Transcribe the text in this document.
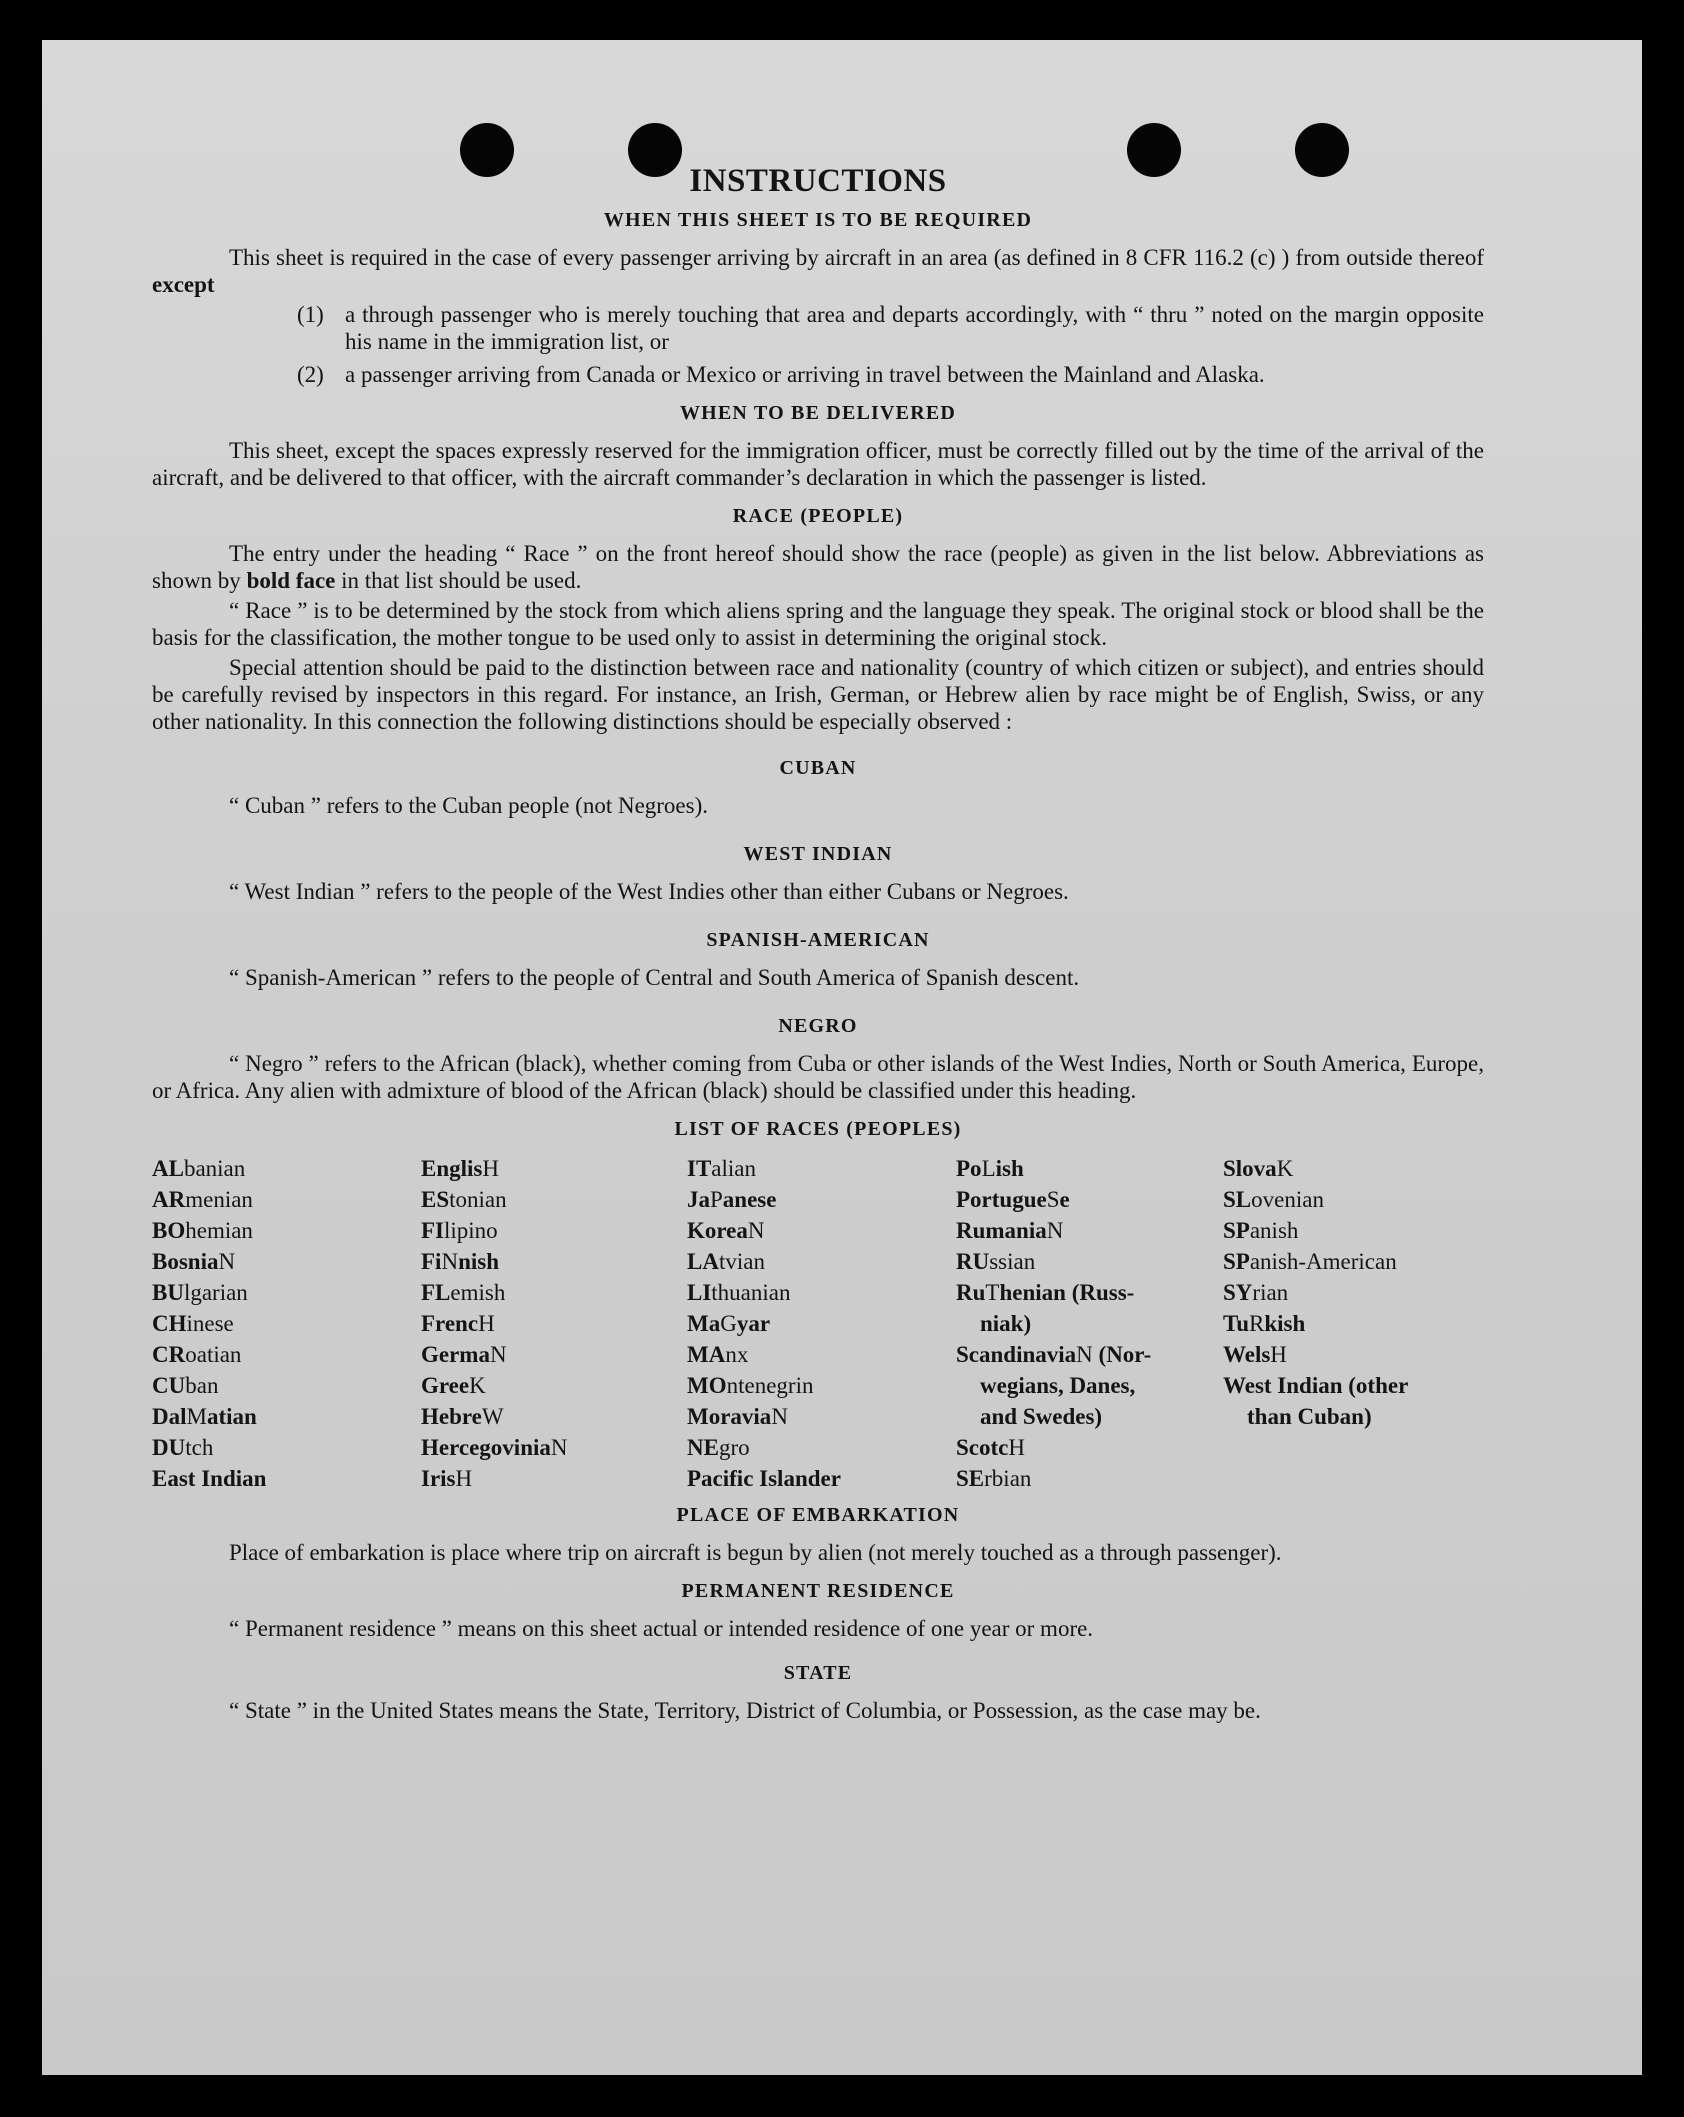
INSTRUCTIONS
WHEN THIS SHEET IS TO BE REQUIRED

This sheet is required in the case of every passenger arriving by aircraft in an area (as defined in 8 CFR 116.2 (c) ) from outside thereof except

(1) a through passenger who is merely touching that area and departs accordingly, with “ thru ” noted on the margin opposite his name in the immigration list, or
(2) a passenger arriving from Canada or Mexico or arriving in travel between the Mainland and Alaska.
WHEN TO BE DELIVERED

This sheet, except the spaces expressly reserved for the immigration officer, must be correctly filled out by the time of the arrival of the aircraft, and be delivered to that officer, with the aircraft commander’s declaration in which the passenger is listed.

RACE (PEOPLE)

The entry under the heading “ Race ” on the front hereof should show the race (people) as given in the list below. Abbreviations as shown by bold face in that list should be used.

“ Race ” is to be determined by the stock from which aliens spring and the language they speak. The original stock or blood shall be the basis for the classification, the mother tongue to be used only to assist in determining the original stock.

Special attention should be paid to the distinction between race and nationality (country of which citizen or subject), and entries should be carefully revised by inspectors in this regard. For instance, an Irish, German, or Hebrew alien by race might be of English, Swiss, or any other nationality. In this connection the following distinctions should be especially observed :

CUBAN

“ Cuban ” refers to the Cuban people (not Negroes).

WEST INDIAN

“ West Indian ” refers to the people of the West Indies other than either Cubans or Negroes.

SPANISH-AMERICAN

“ Spanish-American ” refers to the people of Central and South America of Spanish descent.

NEGRO

“ Negro ” refers to the African (black), whether coming from Cuba or other islands of the West Indies, North or South America, Europe, or Africa. Any alien with admixture of blood of the African (black) should be classified under this heading.

LIST OF RACES (PEOPLES)
ALbanian
ARmenian
BOhemian
BosniaN
BUlgarian
CHinese
CRoatian
CUban
DalMatian
DUtch
East Indian
EnglisH
EStonian
FIlipino
FiNnish
FLemish
FrencH
GermaN
GreeK
HebreW
HercegoviniaN
IrisH
ITalian
JaPanese
KoreaN
LAtvian
LIthuanian
MaGyar
MAnx
MOntenegrin
MoraviaN
NEgro
Pacific Islander
PoLish
PortugueSe
RumaniaN
RUssian
RuThenian (Russ-
niak)
ScandinaviaN (Nor-
wegians, Danes,
and Swedes)
ScotcH
SErbian
SlovaK
SLovenian
SPanish
SPanish-American
SYrian
TuRkish
WelsH
West Indian (other
than Cuban)
PLACE OF EMBARKATION

Place of embarkation is place where trip on aircraft is begun by alien (not merely touched as a through passenger).

PERMANENT RESIDENCE

“ Permanent residence ” means on this sheet actual or intended residence of one year or more.

STATE

“ State ” in the United States means the State, Territory, District of Columbia, or Possession, as the case may be.
